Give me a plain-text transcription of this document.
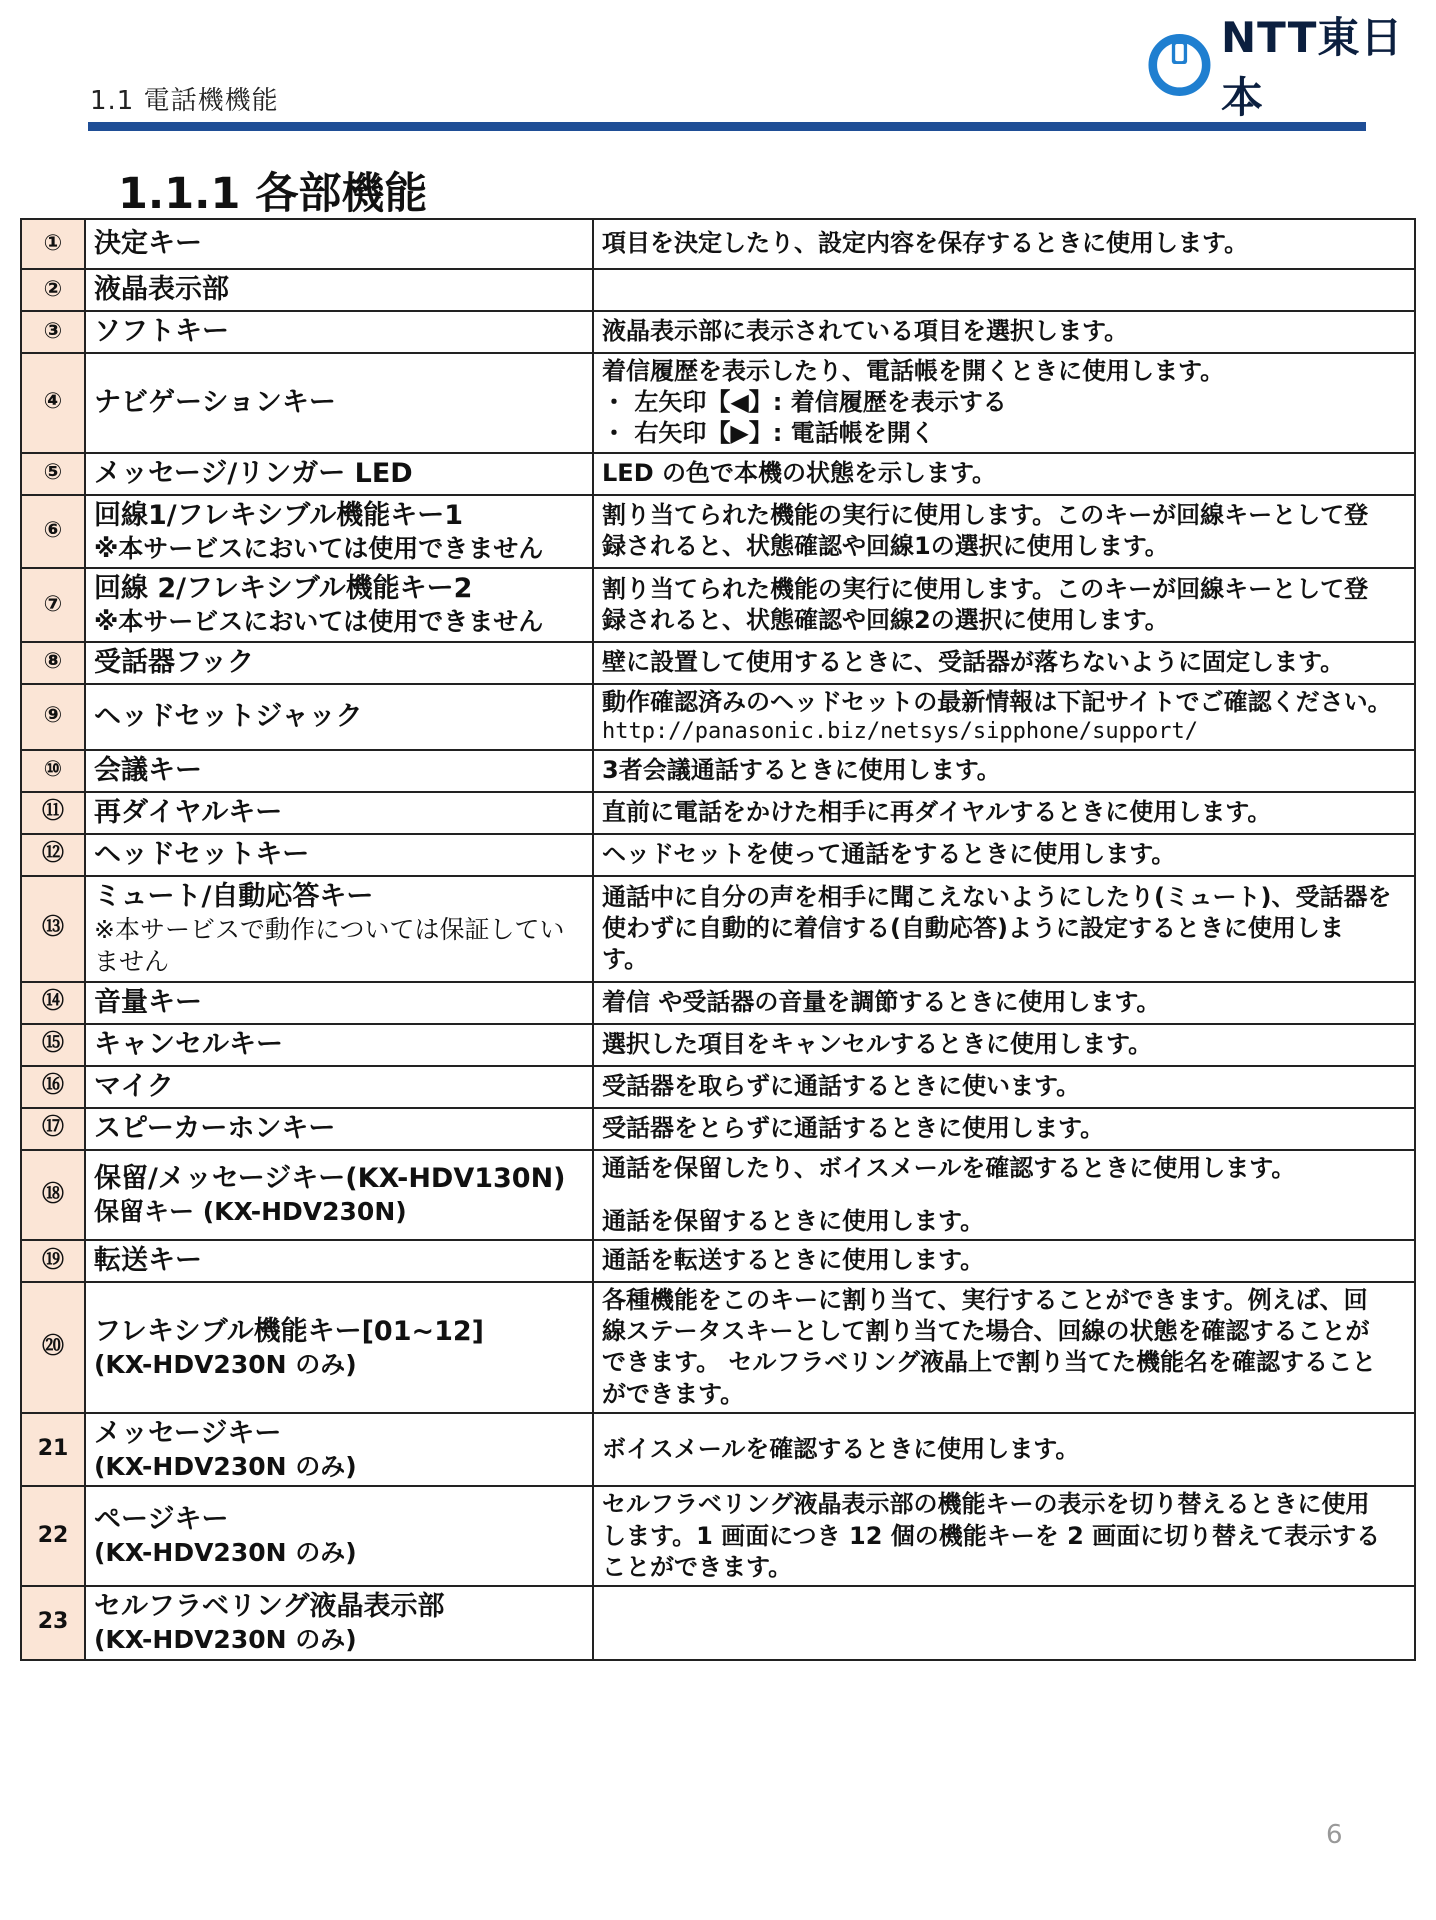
1.1 電話機機能
NTT東日本
1.1.1 各部機能
①	決定キー	項目を決定したり、設定内容を保存するときに使用します。

②	液晶表示部	

③	ソフトキー	液晶表示部に表示されている項目を選択します。

④	ナビゲーションキー	着信履歴を表示したり、電話帳を開くときに使用します。
・ 左矢印【◀】: 着信履歴を表示する
・ 右矢印【▶】: 電話帳を開く

⑤	メッセージ/リンガー LED	LED の色で本機の状態を示します。

⑥	回線1/フレキシブル機能キー1
※本サービスにおいては使用できません	割り当てられた機能の実行に使用します。このキーが回線キーとして登
録されると、状態確認や回線1の選択に使用します。

⑦	回線 2/フレキシブル機能キー2
※本サービスにおいては使用できません	割り当てられた機能の実行に使用します。このキーが回線キーとして登
録されると、状態確認や回線2の選択に使用します。

⑧	受話器フック	壁に設置して使用するときに、受話器が落ちないように固定します。

⑨	ヘッドセットジャック	動作確認済みのヘッドセットの最新情報は下記サイトでご確認ください。
http://panasonic.biz/netsys/sipphone/support/

⑩	会議キー	3者会議通話するときに使用します。

⑪	再ダイヤルキー	直前に電話をかけた相手に再ダイヤルするときに使用します。

⑫	ヘッドセットキー	ヘッドセットを使って通話をするときに使用します。

⑬	ミュート/自動応答キー
※本サービスで動作については保証していません	通話中に自分の声を相手に聞こえないようにしたり(ミュート)、受話器を
使わずに自動的に着信する(自動応答)ように設定するときに使用しま
す。

⑭	音量キー	着信 や受話器の音量を調節するときに使用します。

⑮	キャンセルキー	選択した項目をキャンセルするときに使用します。

⑯	マイク	受話器を取らずに通話するときに使います。

⑰	スピーカーホンキー	受話器をとらずに通話するときに使用します。

⑱	保留/メッセージキー(KX-HDV130N)
保留キー (KX-HDV230N)	通話を保留したり、ボイスメールを確認するときに使用します。
通話を保留するときに使用します。

⑲	転送キー	通話を転送するときに使用します。

⑳	フレキシブル機能キー[01~12]
(KX-HDV230N のみ)	各種機能をこのキーに割り当て、実行することができます。例えば、回
線ステータスキーとして割り当てた場合、回線の状態を確認することが
できます。 セルフラベリング液晶上で割り当てた機能名を確認すること
ができます。

21	メッセージキー
(KX-HDV230N のみ)	ボイスメールを確認するときに使用します。

22	ページキー
(KX-HDV230N のみ)	セルフラベリング液晶表示部の機能キーの表示を切り替えるときに使用
します。1 画面につき 12 個の機能キーを 2 画面に切り替えて表示する
ことができます。

23	セルフラベリング液晶表示部
(KX-HDV230N のみ)	

6
